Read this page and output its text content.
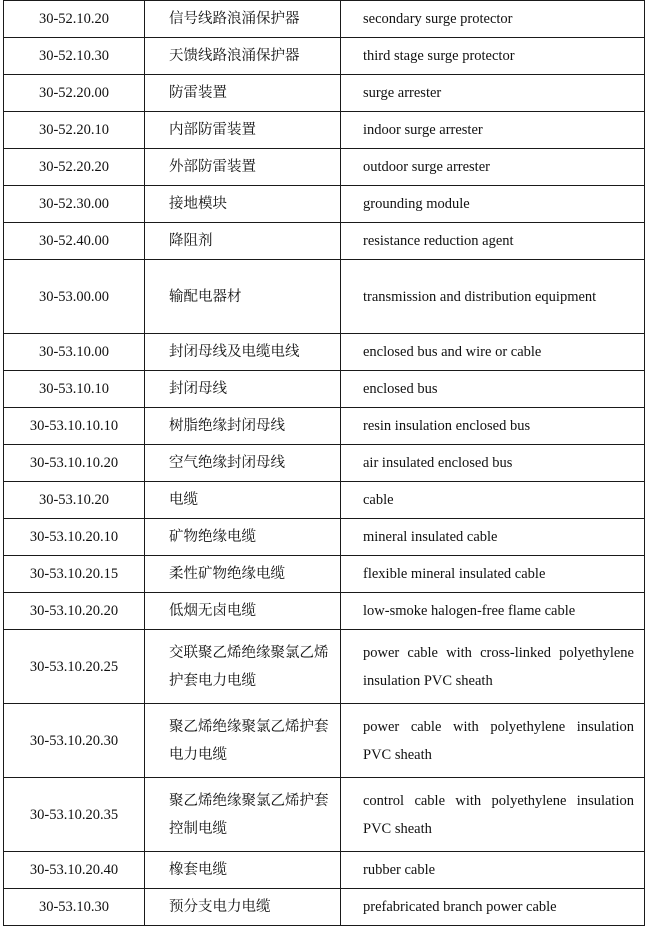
30-52.10.20	信号线路浪涌保护器	secondary surge protector
30-52.10.30	天馈线路浪涌保护器	third stage surge protector
30-52.20.00	防雷装置	surge arrester
30-52.20.10	内部防雷装置	indoor surge arrester
30-52.20.20	外部防雷装置	outdoor surge arrester
30-52.30.00	接地模块	grounding module
30-52.40.00	降阻剂	resistance reduction agent
30-53.00.00	输配电器材	transmission and distribution equipment
30-53.10.00	封闭母线及电缆电线	enclosed bus and wire or cable
30-53.10.10	封闭母线	enclosed bus
30-53.10.10.10	树脂绝缘封闭母线	resin insulation enclosed bus
30-53.10.10.20	空气绝缘封闭母线	air insulated enclosed bus
30-53.10.20	电缆	cable
30-53.10.20.10	矿物绝缘电缆	mineral insulated cable
30-53.10.20.15	柔性矿物绝缘电缆	flexible mineral insulated cable
30-53.10.20.20	低烟无卤电缆	low-smoke halogen-free flame cable
30-53.10.20.25	交联聚乙烯绝缘聚氯乙烯护套电力电缆	power cable with cross-linked polyethylene insulation PVC sheath
30-53.10.20.30	聚乙烯绝缘聚氯乙烯护套电力电缆	power cable with polyethylene insulation PVC sheath
30-53.10.20.35	聚乙烯绝缘聚氯乙烯护套控制电缆	control cable with polyethylene insulation PVC sheath
30-53.10.20.40	橡套电缆	rubber cable
30-53.10.30	预分支电力电缆	prefabricated branch power cable
